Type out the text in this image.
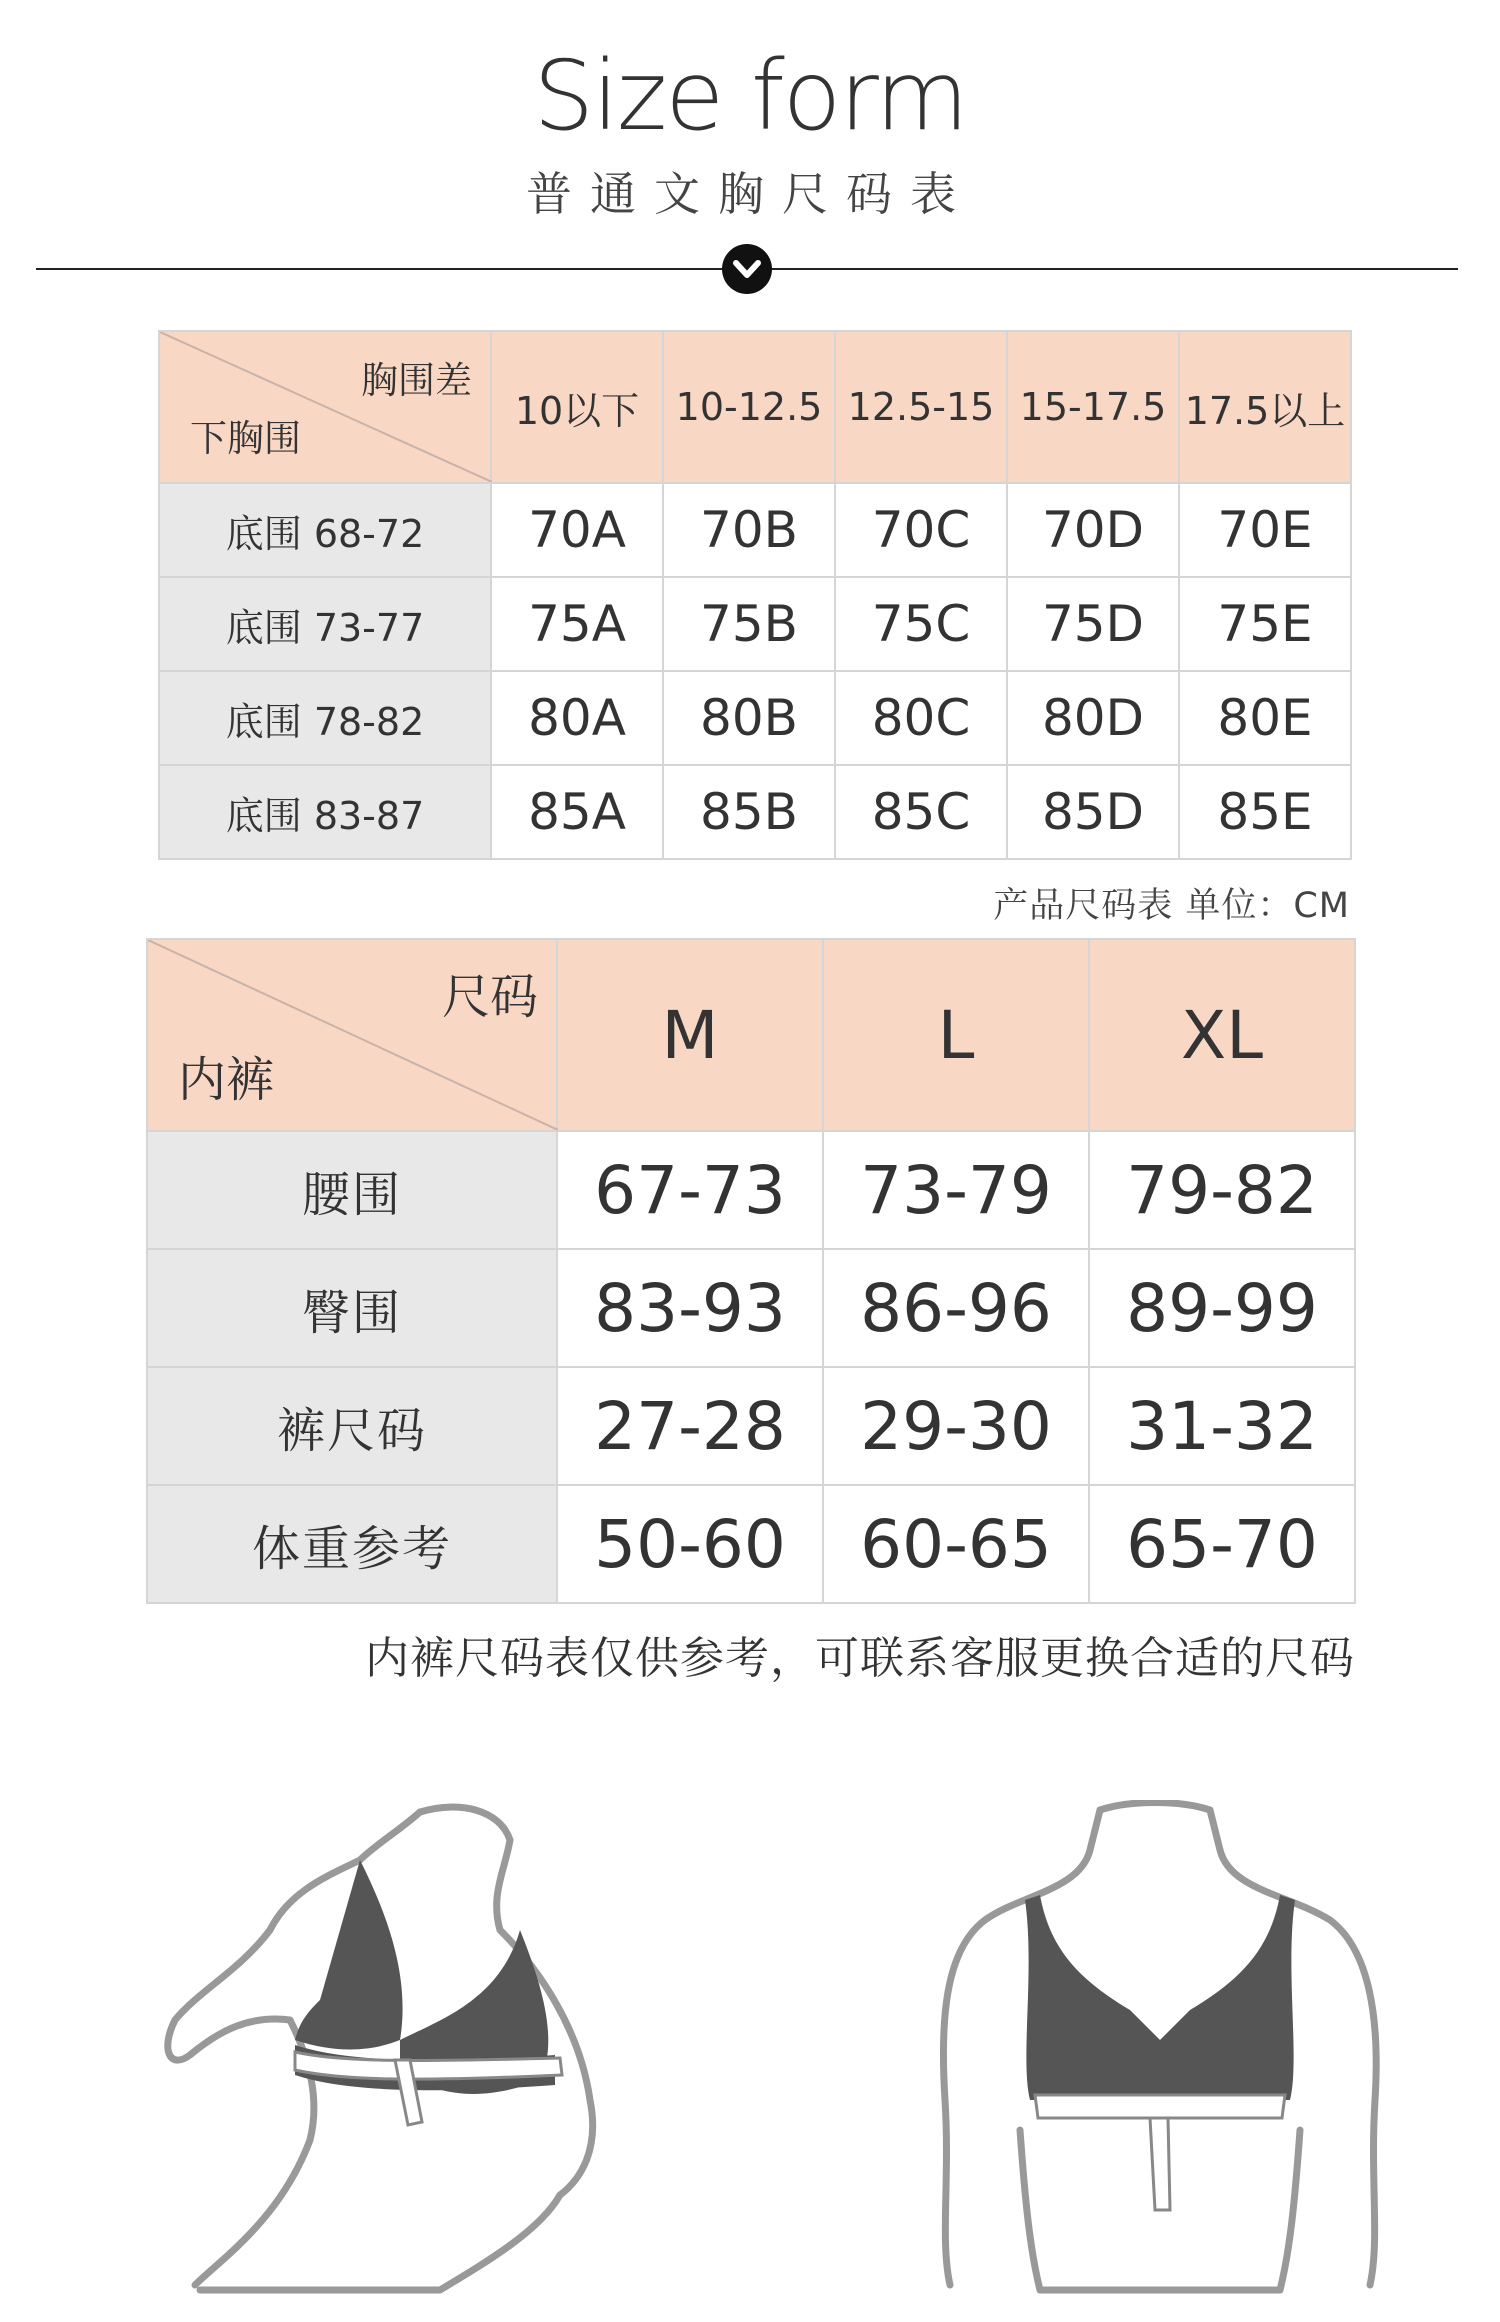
Size form
普通文胸尺码表
胸围差
下胸围	10以下	10-12.5	12.5-15	15-17.5	17.5以上
底围 68-72	70A	70B	70C	70D	70E
底围 73-77	75A	75B	75C	75D	75E
底围 78-82	80A	80B	80C	80D	80E
底围 83-87	85A	85B	85C	85D	85E
产品尺码表 单位：CM
尺码
内裤	M	L	XL
腰围	67-73	73-79	79-82
臀围	83-93	86-96	89-99
裤尺码	27-28	29-30	31-32
体重参考	50-60	60-65	65-70
内裤尺码表仅供参考，可联系客服更换合适的尺码
